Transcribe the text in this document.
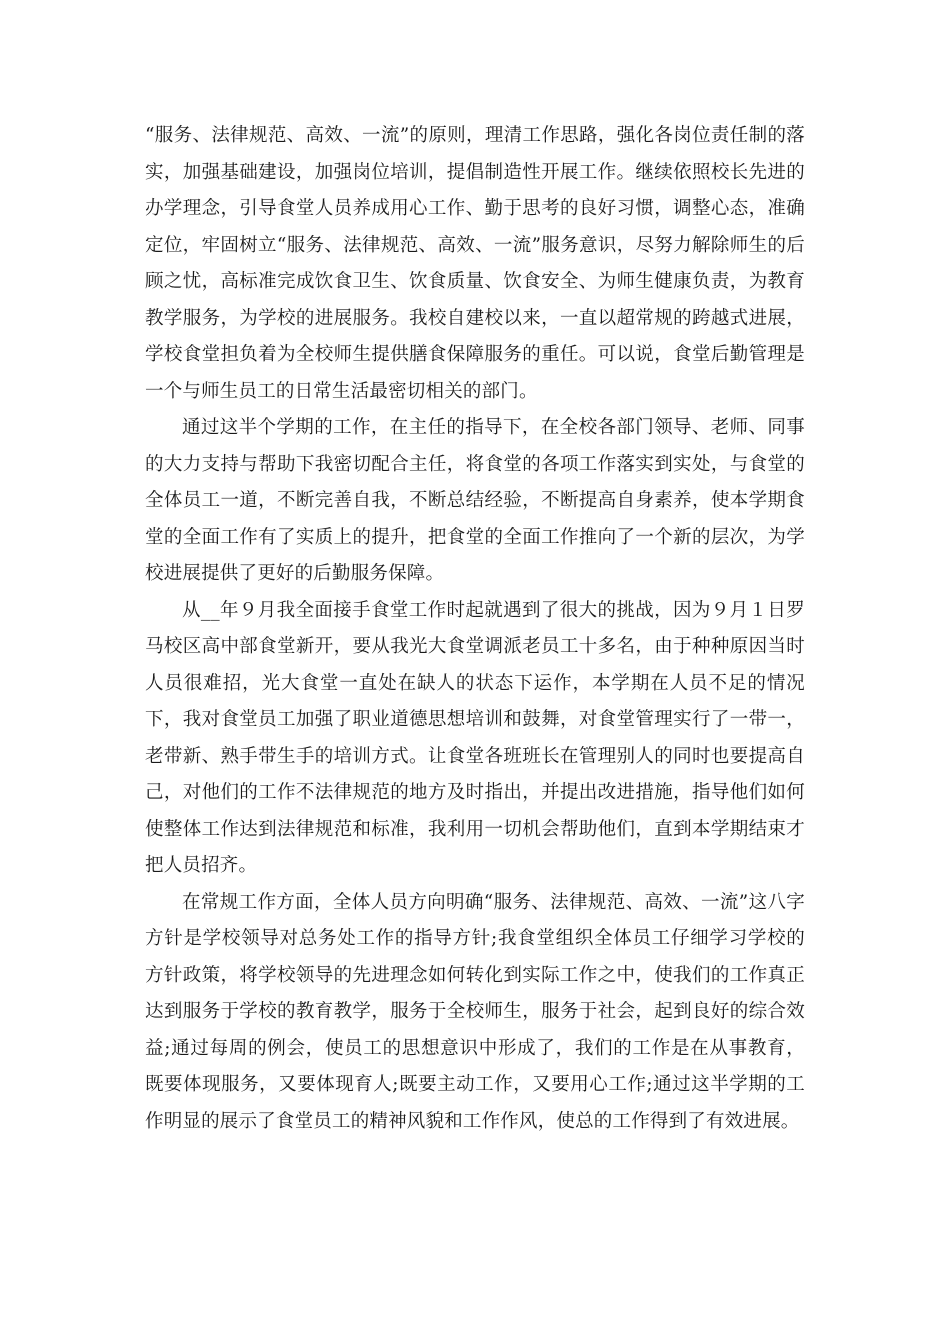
“服务、法律规范、高效、一流”的原则，理清工作思路，强化各岗位责任制的落实，加强基础建设，加强岗位培训，提倡制造性开展工作。继续依照校长先进的办学理念，引导食堂人员养成用心工作、勤于思考的良好习惯，调整心态，准确定位，牢固树立“服务、法律规范、高效、一流”服务意识，尽努力解除师生的后顾之忧，高标准完成饮食卫生、饮食质量、饮食安全、为师生健康负责，为教育教学服务，为学校的进展服务。我校自建校以来，一直以超常规的跨越式进展，学校食堂担负着为全校师生提供膳食保障服务的重任。可以说，食堂后勤管理是一个与师生员工的日常生活最密切相关的部门。

通过这半个学期的工作，在主任的指导下，在全校各部门领导、老师、同事的大力支持与帮助下我密切配合主任，将食堂的各项工作落实到实处，与食堂的全体员工一道，不断完善自我，不断总结经验，不断提高自身素养，使本学期食堂的全面工作有了实质上的提升，把食堂的全面工作推向了一个新的层次，为学校进展提供了更好的后勤服务保障。

从__年９月我全面接手食堂工作时起就遇到了很大的挑战，因为９月１日罗马校区高中部食堂新开，要从我光大食堂调派老员工十多名，由于种种原因当时人员很难招，光大食堂一直处在缺人的状态下运作，本学期在人员不足的情况下，我对食堂员工加强了职业道德思想培训和鼓舞，对食堂管理实行了一带一，老带新、熟手带生手的培训方式。让食堂各班班长在管理别人的同时也要提高自己，对他们的工作不法律规范的地方及时指出，并提出改进措施，指导他们如何使整体工作达到法律规范和标准，我利用一切机会帮助他们，直到本学期结束才把人员招齐。

在常规工作方面，全体人员方向明确“服务、法律规范、高效、一流”这八字方针是学校领导对总务处工作的指导方针;我食堂组织全体员工仔细学习学校的方针政策，将学校领导的先进理念如何转化到实际工作之中，使我们的工作真正达到服务于学校的教育教学，服务于全校师生，服务于社会，起到良好的综合效益;通过每周的例会，使员工的思想意识中形成了，我们的工作是在从事教育，既要体现服务，又要体现育人;既要主动工作，又要用心工作;通过这半学期的工作明显的展示了食堂员工的精神风貌和工作作风，使总的工作得到了有效进展。
